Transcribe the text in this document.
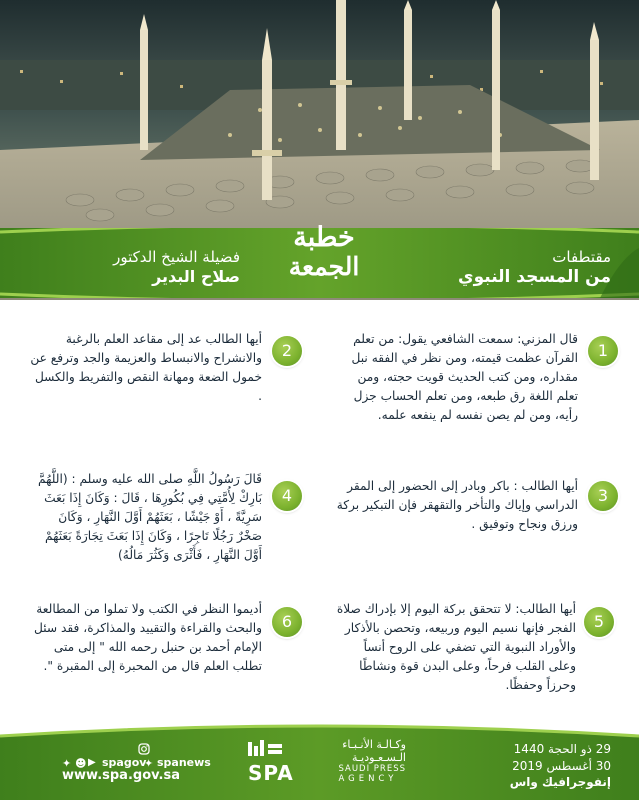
مقتطفات
من المسجد النبوي
خطبة
الجمعة
فضيلة الشيخ الدكتور
صلاح البدير
1
قال المزني: سمعت الشافعي يقول: من تعلم القرآن عظمت قيمته، ومن نظر في الفقه نبل مقداره، ومن كتب الحديث قويت حجته، ومن تعلم اللغة رق طبعه، ومن تعلم الحساب جزل رأيه، ومن لم يصن نفسه لم ينفعه علمه.
2
أيها الطالب عد إلى مقاعد العلم بالرغبة والانشراح والانبساط والعزيمة والجد وترفع عن خمول الضعة ومهانة النقص والتفريط والكسل .
3
أيها الطالب : باكر وبادر إلى الحضور إلى المقر الدراسي وإياك والتأخر والتقهقر فإن التبكير بركة ورزق ونجاح وتوفيق .
4
قَالَ رَسُولُ اللَّهِ صلى الله عليه وسلم : (اللَّهُمَّ بَارِكْ لِأُمَّتِي فِي بُكُورِهَا ، قَالَ : وَكَانَ إِذَا بَعَثَ سَرِيَّةً ، أَوْ جَيْشًا ، بَعَثَهُمْ أَوَّلَ النَّهَارِ ، وَكَانَ صَخْرٌ رَجُلًا تَاجِرًا ، وَكَانَ إِذَا بَعَثَ تِجَارَةً بَعَثَهُمْ أَوَّلَ النَّهَارِ ، فَأَثْرَى وَكَثُرَ مَالُهُ)
5
أيها الطالب: لا تتحقق بركة اليوم إلا بإدراك صلاة الفجر فإنها نسيم اليوم وربيعه، وتحصن بالأذكار والأوراد النبوية التي تضفي على الروح أنساً وعلى القلب فرحاً، وعلى البدن قوة ونشاطًا وحرزاً وحفظًا.
6
أديموا النظر في الكتب ولا تملوا من المطالعة والبحث والقراءة والتقييد والمذاكرة، فقد سئل الإمام أحمد بن حنبل رحمه الله " إلى متى تطلب العلم قال من المحبرة إلى المقبرة ".
29 ذو الحجة 1440
30 أغسطس 2019
إنفوجرافيك واس
SPA
وكـالـة الأنـبـاء
الـسـعـوديـة
SAUDI PRESS
AGENCY
✦ ☻ ▶ spagov
✦ spanews
www.spa.gov.sa
